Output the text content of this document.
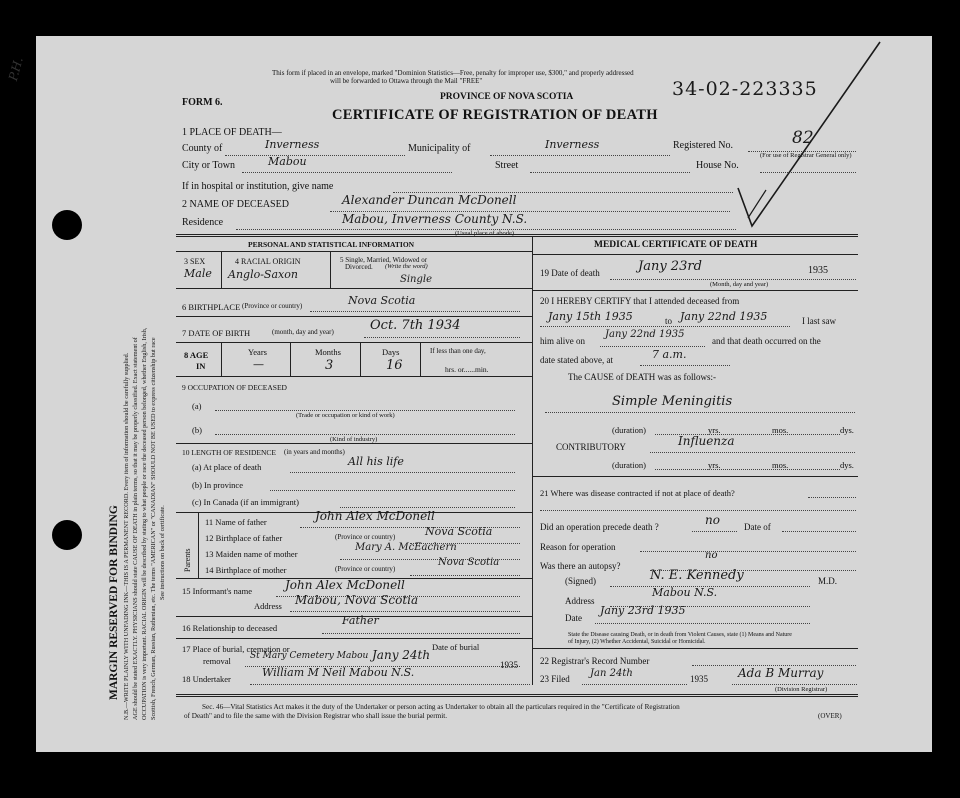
P.H.
MARGIN RESERVED FOR BINDING N.B.—WRITE PLAINLY WITH UNFADING INK—THIS IS A PERMANENT RECORD. Every item of information should be carefully supplied. AGE should be stated EXACTLY. PHYSICIANS should state CAUSE OF DEATH in plain terms, so that it may be properly classified. Exact statement of OCCUPATION is very important. RACIAL ORIGIN will be described by stating to what people or race the deceased person belonged, whether English, Irish, Scottish, French, German, Russian, Ruthenian, etc. The terms "AMERICAN" or "CANADIAN" SHOULD NOT BE USED to express citizenship but race See instructions on back of certificate.
This form if placed in an envelope, marked "Dominion Statistics—Free, penalty for improper use, $300," and properly addressed
will be forwarded to Ottawa through the Mail "FREE"
FORM 6.	PROVINCE OF NOVA SCOTIA
CERTIFICATE OF REGISTRATION OF DEATH
34-02-223335
1 PLACE OF DEATH—
County of	Inverness	Municipality of	Inverness	Registered No.	82
(For use of Registrar General only)
City or Town	Mabou	Street	House No.
If in hospital or institution, give name
2 NAME OF DECEASED	Alexander Duncan McDonell
Residence	Mabou, Inverness County N.S.
(Usual place of abode)
PERSONAL AND STATISTICAL INFORMATION
3 SEX
Male
4 RACIAL ORIGIN
Anglo-Saxon
5 Single, Married, Widowed or
Divorced. (Write the word)
Single
6 BIRTHPLACE (Province or country)	Nova Scotia
7 DATE OF BIRTH	(month, day and year)	Oct. 7th 1934
8 AGE
IN
Years
—
Months
3
Days
16
If less than one day,
hrs. or......min.
9 OCCUPATION OF DECEASED
(a)
(Trade or occupation or kind of work)
(b)
(Kind of industry)
10 LENGTH OF RESIDENCE (in years and months)
(a) At place of death	All his life
(b) In province
(c) In Canada (if an immigrant)
Parents
11 Name of father	John Alex McDonell
12 Birthplace of father	(Province or country)	Nova Scotia
13 Maiden name of mother
Mary A. McEachern
14 Birthplace of mother	(Province or country)
Nova Scotia
15 Informant's name	John Alex McDonell
Address Mabou, Nova Scotia
16 Relationship to deceased
Father
17 Place of burial, cremation or
removal
Date of burial
St Mary Cemetery Mabou Jany 24th
1935
18 Undertaker	William M Neil Mabou N.S.
MEDICAL CERTIFICATE OF DEATH
19 Date of death	Jany 23rd	1935
(Month, day and year)
20 I HEREBY CERTIFY that I attended deceased from
Jany 15th 1935	to Jany 22nd 1935	I last saw
him alive on
Jany 22nd 1935
and that death occurred on the
date stated above, at	7 a.m.
The CAUSE of DEATH was as follows:-
Simple Meningitis
(duration)	yrs.	mos.	dys.
CONTRIBUTORY	Influenza
(duration)	yrs.	mos.	dys.
21 Where was disease contracted if not at place of death?
Did an operation precede death ?	no	Date of
Reason for operation
Was there an autopsy?
no
(Signed)	N. E. Kennedy	M.D.
Address
Mabou N.S.
Date
Jany 23rd 1935
State the Disease causing Death, or in death from Violent Causes, state (1) Means and Nature
of Injury, (2) Whether Accidental, Suicidal or Homicidal.
22 Registrar's Record Number
23 Filed Jan 24th	1935	Ada B Murray
(Division Registrar)
Sec. 46—Vital Statistics Act makes it the duty of the Undertaker or person acting as Undertaker to obtain all the particulars required in the "Certificate of Registration
of Death" and to file the same with the Division Registrar who shall issue the burial permit.	(OVER)
